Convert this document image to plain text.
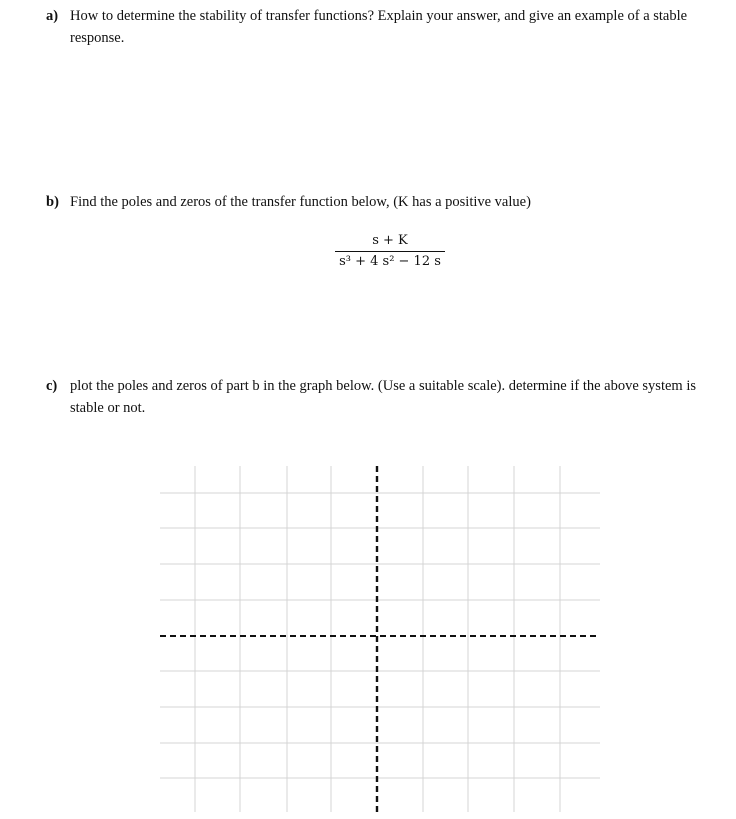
a) How to determine the stability of transfer functions? Explain your answer, and give an example of a stable response.
b) Find the poles and zeros of the transfer function below, (K has a positive value)
s + K
s³ + 4 s² − 12 s
c) plot the poles and zeros of part b in the graph below. (Use a suitable scale). determine if the above system is stable or not.
